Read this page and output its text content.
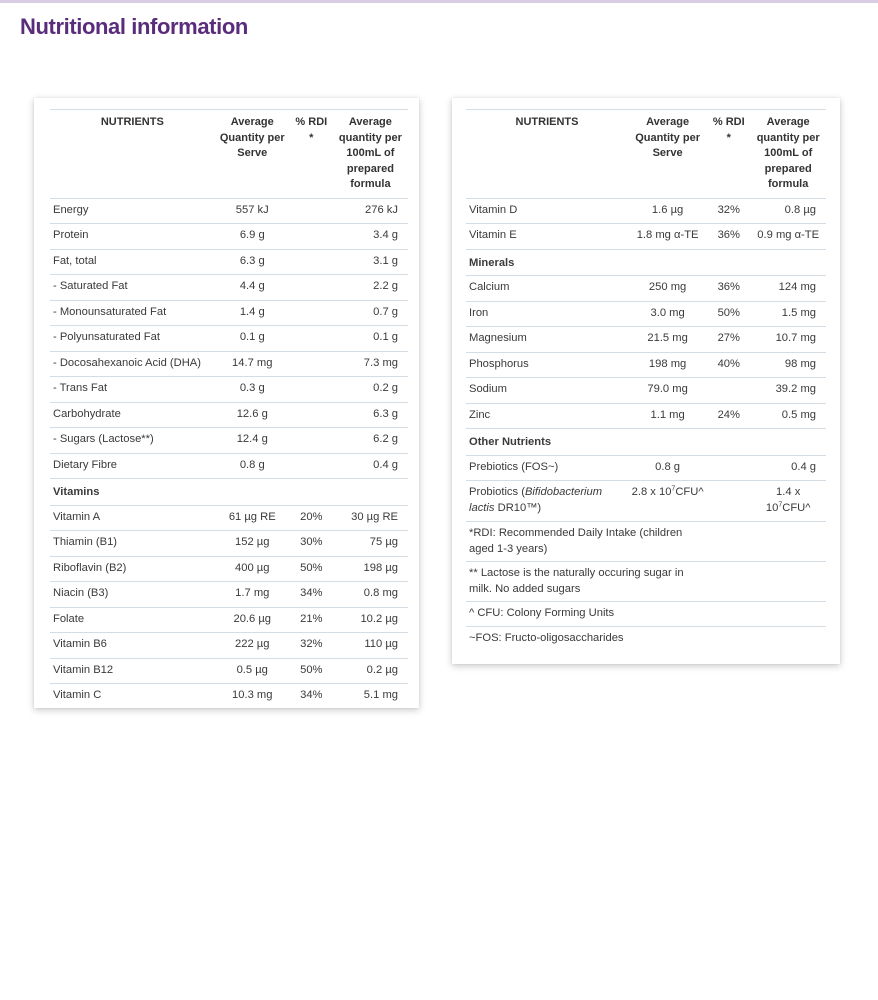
Nutritional information
NUTRIENTS	Average Quantity per Serve	% RDI *	Average quantity per 100mL of prepared formula
Energy	557 kJ		276 kJ
Protein	6.9 g		3.4 g
Fat, total	6.3 g		3.1 g
- Saturated Fat	4.4 g		2.2 g
- Monounsaturated Fat	1.4 g		0.7 g
- Polyunsaturated Fat	0.1 g		0.1 g
- Docosahexanoic Acid (DHA)	14.7 mg		7.3 mg
- Trans Fat	0.3 g		0.2 g
Carbohydrate	12.6 g		6.3 g
- Sugars (Lactose**)	12.4 g		6.2 g
Dietary Fibre	0.8 g		0.4 g
Vitamins			
Vitamin A	61 µg RE	20%	30 µg RE
Thiamin (B1)	152 µg	30%	75 µg
Riboflavin (B2)	400 µg	50%	198 µg
Niacin (B3)	1.7 mg	34%	0.8 mg
Folate	20.6 µg	21%	10.2 µg
Vitamin B6	222 µg	32%	110 µg
Vitamin B12	0.5 µg	50%	0.2 µg
Vitamin C	10.3 mg	34%	5.1 mg
NUTRIENTS	Average Quantity per Serve	% RDI *	Average quantity per 100mL of prepared formula
Vitamin D	1.6 µg	32%	0.8 µg
Vitamin E	1.8 mg α-TE	36%	0.9 mg α-TE
Minerals			
Calcium	250 mg	36%	124 mg
Iron	3.0 mg	50%	1.5 mg
Magnesium	21.5 mg	27%	10.7 mg
Phosphorus	198 mg	40%	98 mg
Sodium	79.0 mg		39.2 mg
Zinc	1.1 mg	24%	0.5 mg
Other Nutrients			
Prebiotics (FOS~)	0.8 g		0.4 g
Probiotics (Bifidobacterium lactis DR10™)	2.8 x $10^7CFU\^{}$		1.4 x $10^7CFU\^{}$
*RDI: Recommended Daily Intake (children aged 1-3 years)			
** Lactose is the naturally occuring sugar in milk. No added sugars			
^ CFU: Colony Forming Units			
~FOS: Fructo-oligosaccharides			
